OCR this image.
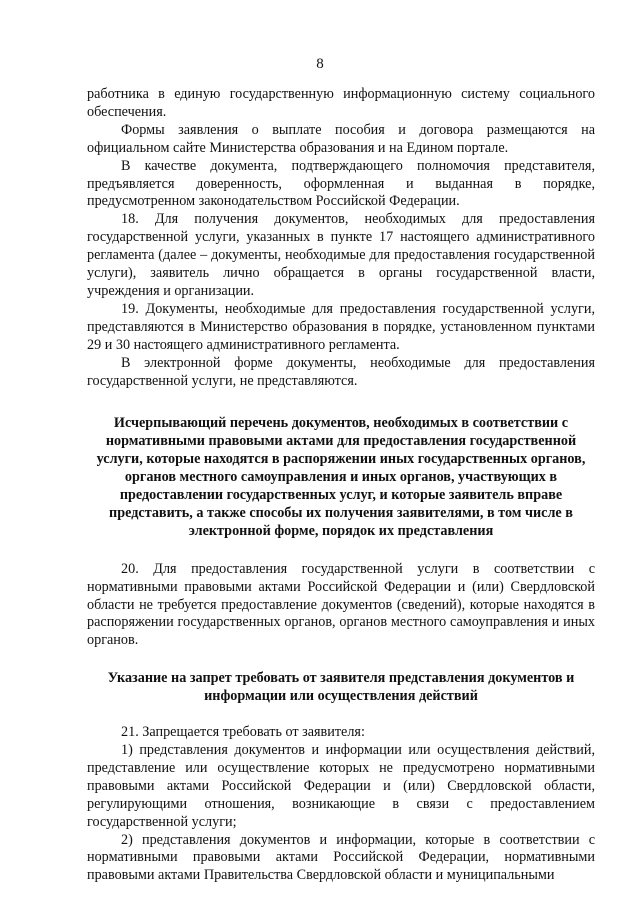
8

работника в единую государственную информационную систему социального обеспечения.

Формы заявления о выплате пособия и договора размещаются на официальном сайте Министерства образования и на Едином портале.

В качестве документа, подтверждающего полномочия представителя, предъявляется доверенность, оформленная и выданная в порядке, предусмотренном законодательством Российской Федерации.

18. Для получения документов, необходимых для предоставления государственной услуги, указанных в пункте 17 настоящего административного регламента (далее – документы, необходимые для предоставления государственной услуги), заявитель лично обращается в органы государственной власти, учреждения и организации.

19. Документы, необходимые для предоставления государственной услуги, представляются в Министерство образования в порядке, установленном пунктами 29 и 30 настоящего административного регламента.

В электронной форме документы, необходимые для предоставления государственной услуги, не представляются.

Исчерпывающий перечень документов, необходимых в соответствии с нормативными правовыми актами для предоставления государственной услуги, которые находятся в распоряжении иных государственных органов, органов местного самоуправления и иных органов, участвующих в предоставлении государственных услуг, и которые заявитель вправе представить, а также способы их получения заявителями, в том числе в электронной форме, порядок их представления

20. Для предоставления государственной услуги в соответствии с нормативными правовыми актами Российской Федерации и (или) Свердловской области не требуется предоставление документов (сведений), которые находятся в распоряжении государственных органов, органов местного самоуправления и иных органов.

Указание на запрет требовать от заявителя представления документов и информации или осуществления действий

21. Запрещается требовать от заявителя:

1) представления документов и информации или осуществления действий, представление или осуществление которых не предусмотрено нормативными правовыми актами Российской Федерации и (или) Свердловской области, регулирующими отношения, возникающие в связи с предоставлением государственной услуги;

2) представления документов и информации, которые в соответствии с нормативными правовыми актами Российской Федерации, нормативными правовыми актами Правительства Свердловской области и муниципальными
